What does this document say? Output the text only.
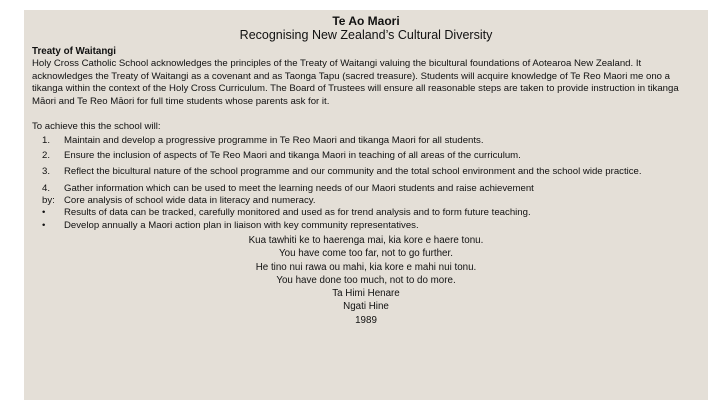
Te Ao Maori
Recognising New Zealand’s Cultural Diversity
Treaty of Waitangi

Holy Cross Catholic School acknowledges the principles of the Treaty of Waitangi valuing the bicultural foundations of Aotearoa New Zealand. It acknowledges the Treaty of Waitangi as a covenant and as Taonga Tapu (sacred treasure). Students will acquire knowledge of Te Reo Maori me ono a tikanga within the context of the Holy Cross Curriculum. The Board of Trustees will ensure all reasonable steps are taken to provide instruction in tikanga Māori and Te Reo Māori for full time students whose parents ask for it.

To achieve this the school will:
1.	Maintain and develop a progressive programme in Te Reo Maori and tikanga Maori for all students.
2.	Ensure the inclusion of aspects of Te Reo Maori and tikanga Maori in teaching of all areas of the curriculum.
3.	Reflect the bicultural nature of the school programme and our community and the total school environment and the school wide practice.
4.	Gather information which can be used to meet the learning needs of our Maori students and raise achievement
by: Core analysis of school wide data in literacy and numeracy.
•	Results of data can be tracked, carefully monitored and used as for trend analysis and to form future teaching.
•	Develop annually a Maori action plan in liaison with key community representatives.
Kua tawhiti ke to haerenga mai, kia kore e haere tonu.
You have come too far, not to go further.
He tino nui rawa ou mahi, kia kore e mahi nui tonu.
You have done too much, not to do more.
Ta Himi Henare
Ngati Hine
1989
